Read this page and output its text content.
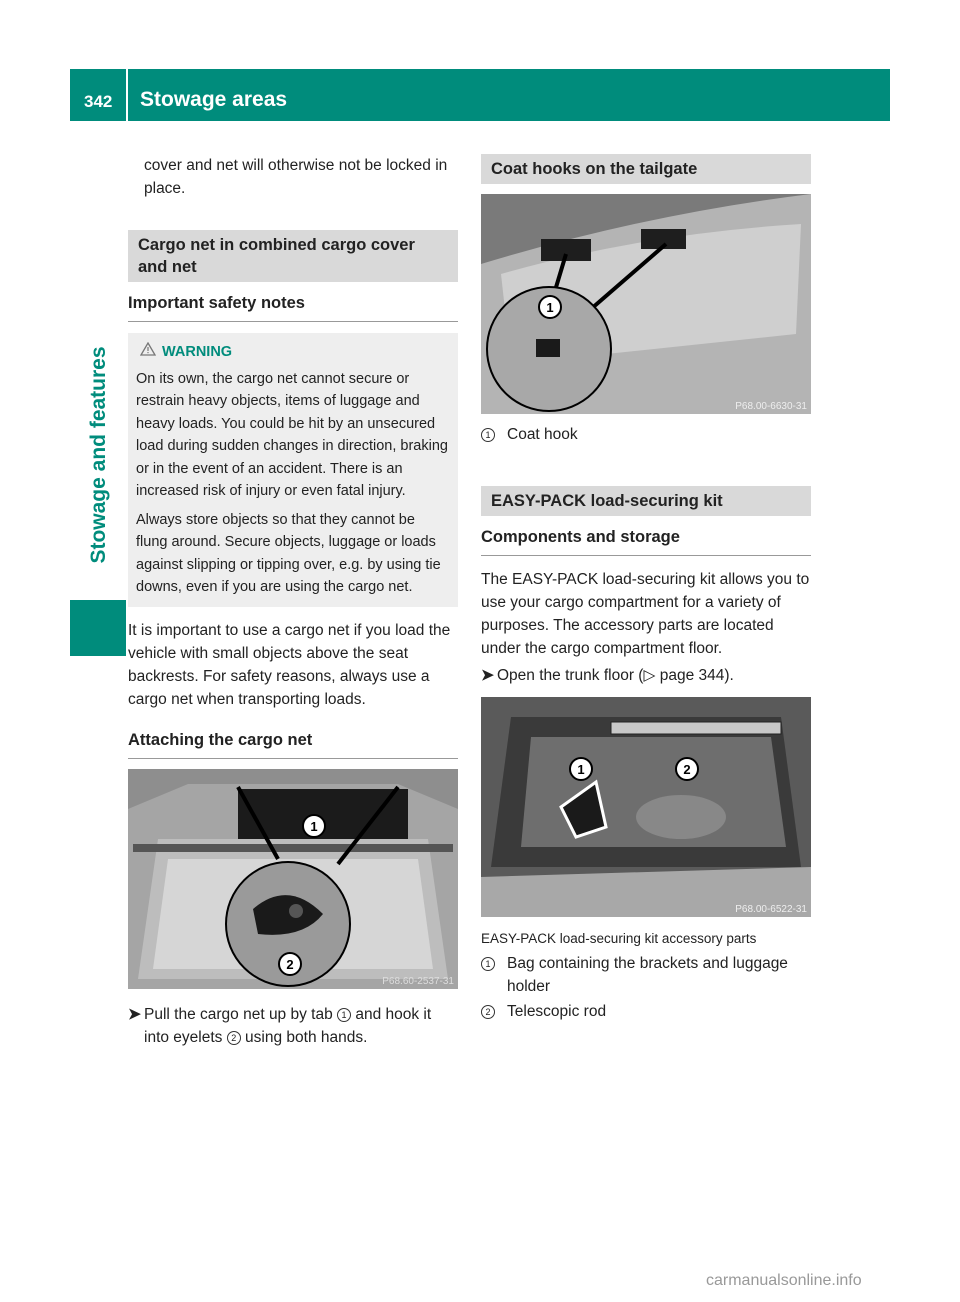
342 Stowage areas
Stowage and features

cover and net will otherwise not be locked in place.

Cargo net in combined cargo cover and net
Important safety notes
WARNING

On its own, the cargo net cannot secure or restrain heavy objects, items of luggage and heavy loads. You could be hit by an unsecured load during sudden changes in direction, braking or in the event of an accident. There is an increased risk of injury or even fatal injury.

Always store objects so that they cannot be flung around. Secure objects, luggage or loads against slipping or tipping over, e.g. by using tie downs, even if you are using the cargo net.

It is important to use a cargo net if you load the vehicle with small objects above the seat backrests. For safety reasons, always use a cargo net when transporting loads.

Attaching the cargo net
1
2
P68.60-2537-31
➤ Pull the cargo net up by tab 1 and hook it into eyelets 2 using both hands.
Coat hooks on the tailgate
1
P68.00-6630-31
1 Coat hook
EASY-PACK load-securing kit
Components and storage

The EASY-PACK load-securing kit allows you to use your cargo compartment for a variety of purposes. The accessory parts are located under the cargo compartment floor.

➤ Open the trunk floor (▷ page 344).
1	2
P68.00-6522-31

EASY-PACK load-securing kit accessory parts

1 Bag containing the brackets and luggage holder
2 Telescopic rod
carmanualsonline.info
